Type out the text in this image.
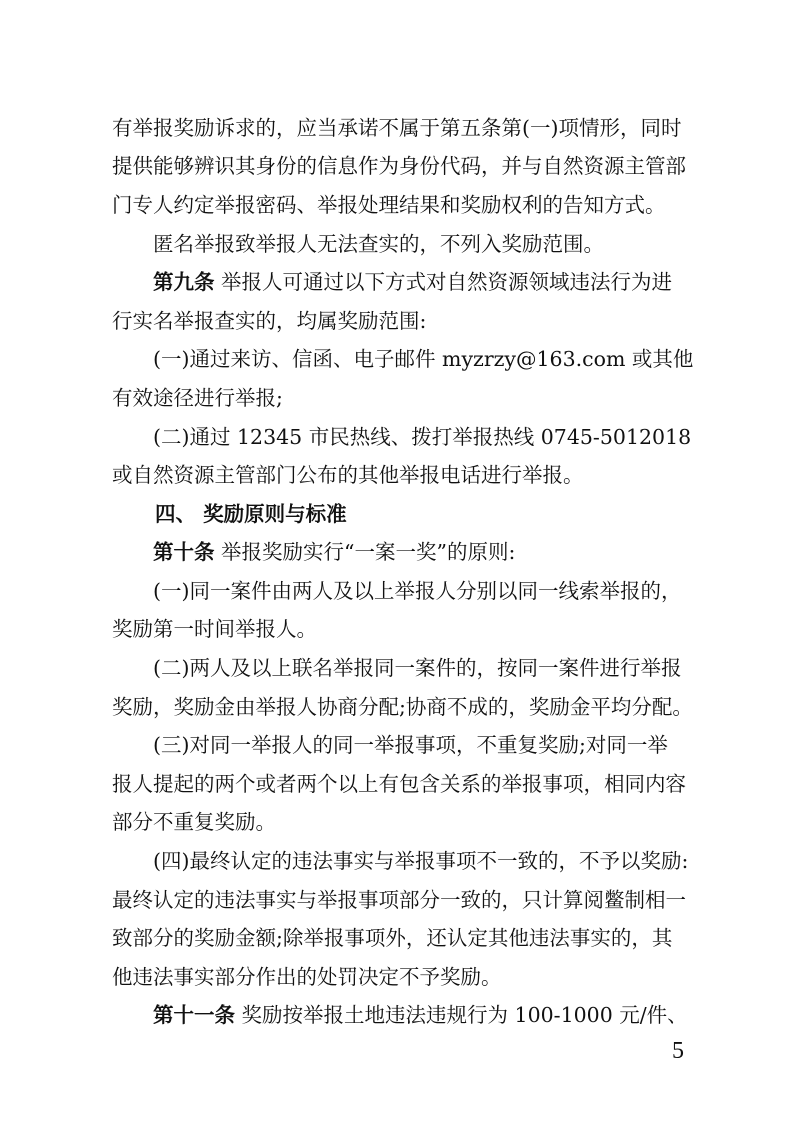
有举报奖励诉求的，应当承诺不属于第五条第(一)项情形，同时
提供能够辨识其身份的信息作为身份代码，并与自然资源主管部
门专人约定举报密码、举报处理结果和奖励权利的告知方式。
匿名举报致举报人无法查实的，不列入奖励范围。
第九条 举报人可通过以下方式对自然资源领域违法行为进
行实名举报查实的，均属奖励范围:
(一)通过来访、信函、电子邮件 myzrzy@163.com 或其他
有效途径进行举报;
(二)通过 12345 市民热线、拨打举报热线 0745-5012018
或自然资源主管部门公布的其他举报电话进行举报。
四、 奖励原则与标准
第十条 举报奖励实行“一案一奖”的原则:
(一)同一案件由两人及以上举报人分别以同一线索举报的，
奖励第一时间举报人。
(二)两人及以上联名举报同一案件的，按同一案件进行举报
奖励，奖励金由举报人协商分配;协商不成的，奖励金平均分配。
(三)对同一举报人的同一举报事项，不重复奖励;对同一举
报人提起的两个或者两个以上有包含关系的举报事项，相同内容
部分不重复奖励。
(四)最终认定的违法事实与举报事项不一致的，不予以奖励:
最终认定的违法事实与举报事项部分一致的，只计算阅鳖制相一
致部分的奖励金额;除举报事项外，还认定其他违法事实的，其
他违法事实部分作出的处罚决定不予奖励。
第十一条 奖励按举报土地违法违规行为 100-1000 元/件、
5
